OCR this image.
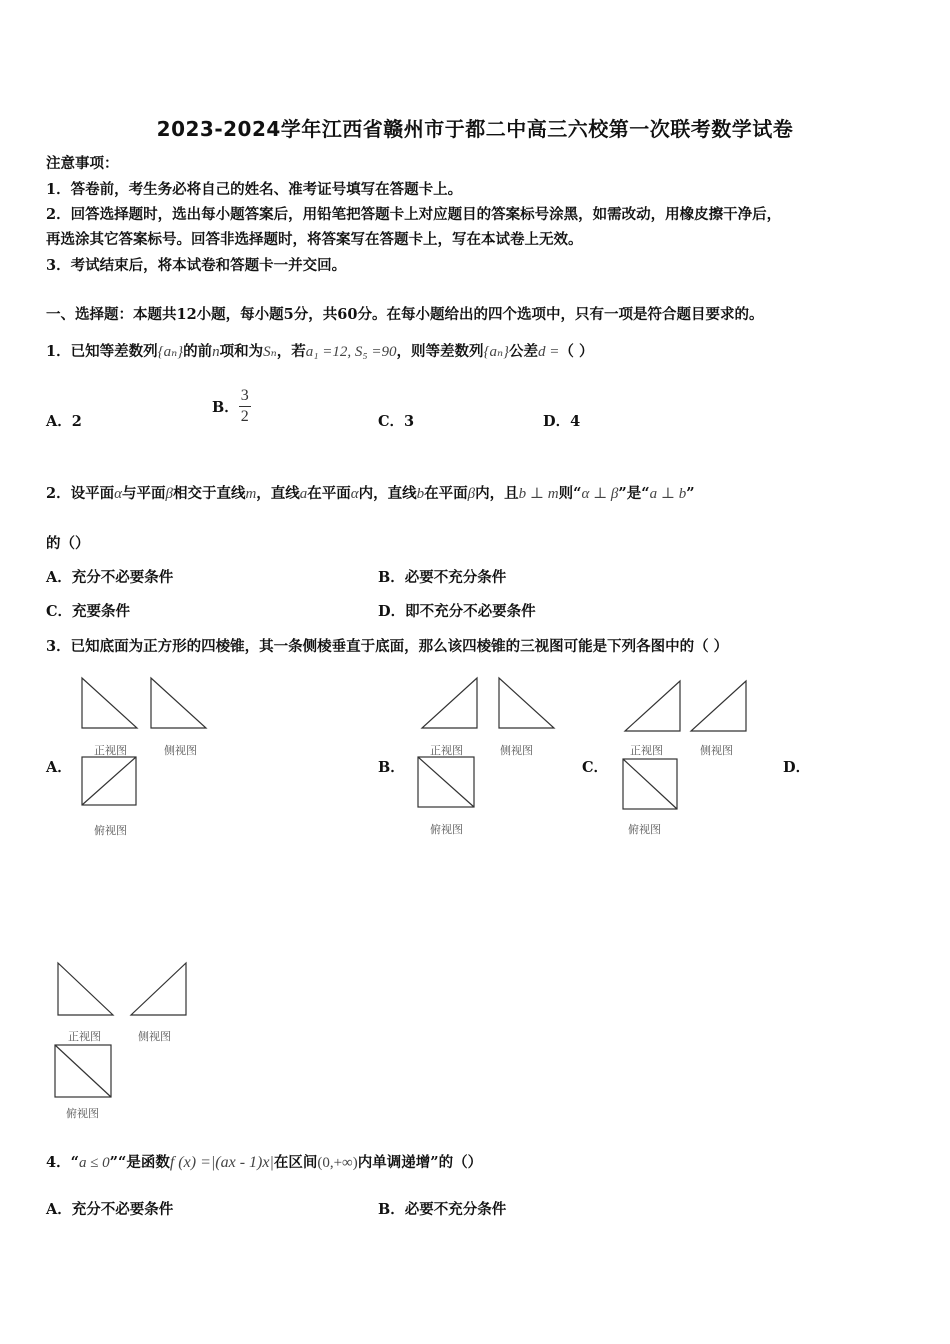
2023-2024学年江西省赣州市于都二中高三六校第一次联考数学试卷
注意事项：
1．答卷前，考生务必将自己的姓名、准考证号填写在答题卡上。
2．回答选择题时，选出每小题答案后，用铅笔把答题卡上对应题目的答案标号涂黑，如需改动，用橡皮擦干净后，
再选涂其它答案标号。回答非选择题时，将答案写在答题卡上，写在本试卷上无效。
3．考试结束后，将本试卷和答题卡一并交回。
一、选择题：本题共12小题，每小题5分，共60分。在每小题给出的四个选项中，只有一项是符合题目要求的。
1．已知等差数列{aₙ}的前n项和为Sₙ，若a₁ =12, S₅ =90，则等差数列{aₙ}公差d =（ ）
A．2
B． $\frac{3}{2}$	C．3	D．4
2．设平面α与平面β相交于直线m，直线a在平面α内，直线b在平面β内，且b ⊥ m则“α ⊥ β”是“a ⊥ b”
的（）
A．充分不必要条件	B．必要不充分条件
C．充要条件	D．即不充分不必要条件
3．已知底面为正方形的四棱锥，其一条侧棱垂直于底面，那么该四棱锥的三视图可能是下列各图中的（ ）
A．
正视图	侧视图
俯视图
B．
正视图	侧视图
俯视图
C．
正视图	侧视图
俯视图
D．
正视图	侧视图
俯视图
4．“a ≤ 0”“是函数f (x) =|(ax - 1)x|在区间(0,+∞)内单调递增”的（）
A．充分不必要条件	B．必要不充分条件
